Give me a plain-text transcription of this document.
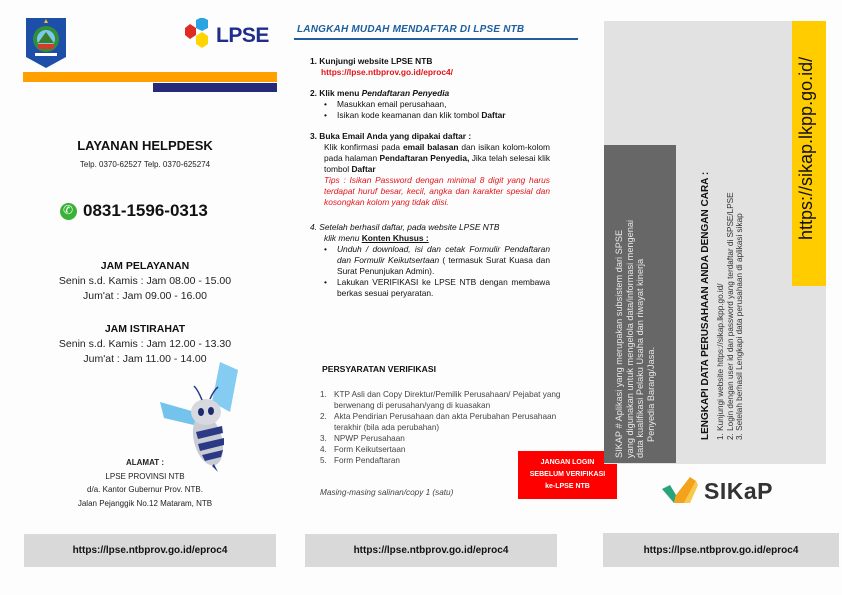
LPSE
LAYANAN HELPDESK
Telp. 0370-62527 Telp. 0370-625274
✆
0831-1596-0313
JAM PELAYANAN
Senin s.d. Kamis : Jam 08.00 - 15.00
Jum'at : Jam 09.00 - 16.00
JAM ISTIRAHAT
Senin s.d. Kamis : Jam 12.00 - 13.30
Jum'at : Jam 11.00 - 14.00
ALAMAT :
LPSE PROVINSI NTB
d/a. Kantor Gubernur Prov. NTB.
Jalan Pejanggik No.12 Mataram, NTB
https://lpse.ntbprov.go.id/eproc4
LANGKAH MUDAH MENDAFTAR DI LPSE NTB
1. Kunjungi website LPSE NTB
https://lpse.ntbprov.go.id/eproc4/
2. Klik menu Pendaftaran Penyedia
• Masukkan email perusahaan,
• Isikan kode keamanan dan klik tombol Daftar
3. Buka Email Anda yang dipakai daftar :
Klik konfirmasi pada email balasan dan isikan kolom-kolom pada halaman Pendaftaran Penyedia, Jika telah selesai klik tombol Daftar
Tips : Isikan Password dengan minimal 8 digit yang harus terdapat huruf besar, kecil, angka dan karakter spesial dan kosongkan kolom yang tidak diisi.
4. Setelah berhasil daftar, pada website LPSE NTB
klik menu Konten Khusus :
• Unduh / download, isi dan cetak Formulir Pendaftaran dan Formulir Keikutsertaan ( termasuk Surat Kuasa dan Surat Penunjukan Admin).
• Lakukan VERIFIKASI ke LPSE NTB dengan membawa berkas sesuai peryaratan.
PERSYARATAN VERIFIKASI
1. KTP Asli dan Copy Direktur/Pemilik Perusahaan/ Pejabat yang berwenang di perusahan/yang di kuasakan
2. Akta Pendirian Perusahaan dan akta Perubahan Perusahaan terakhir (bila ada perubahan)
3. NPWP Perusahaan
4. Form Keikutsertaan
5. Form Pendaftaran
Masing-masing salinan/copy 1 (satu)
JANGAN LOGIN
SEBELUM VERIFIKASI
ke-LPSE NTB
https://lpse.ntbprov.go.id/eproc4
SIKAP # Aplikasi yang merupakan subsistem dari SPSE yang digunakan untuk mengelola data/informasi mengenai data kualifikasi Pelaku Usaha dan riwayat kinerja Penyedia Barang/Jasa.	LENGKAPI DATA PERUSAHAAN ANDA DENGAN CARA : 1. Kunjungi website https://sikap.lkpp.go.id/ 2. Login dengan user id dan password yang terdaftar di SPSE/LPSE 3. Setelah berhasil Lengkapi data perusahaan di aplikasi sikap
https://sikap.lkpp.go.id/
SIKaP
https://lpse.ntbprov.go.id/eproc4
